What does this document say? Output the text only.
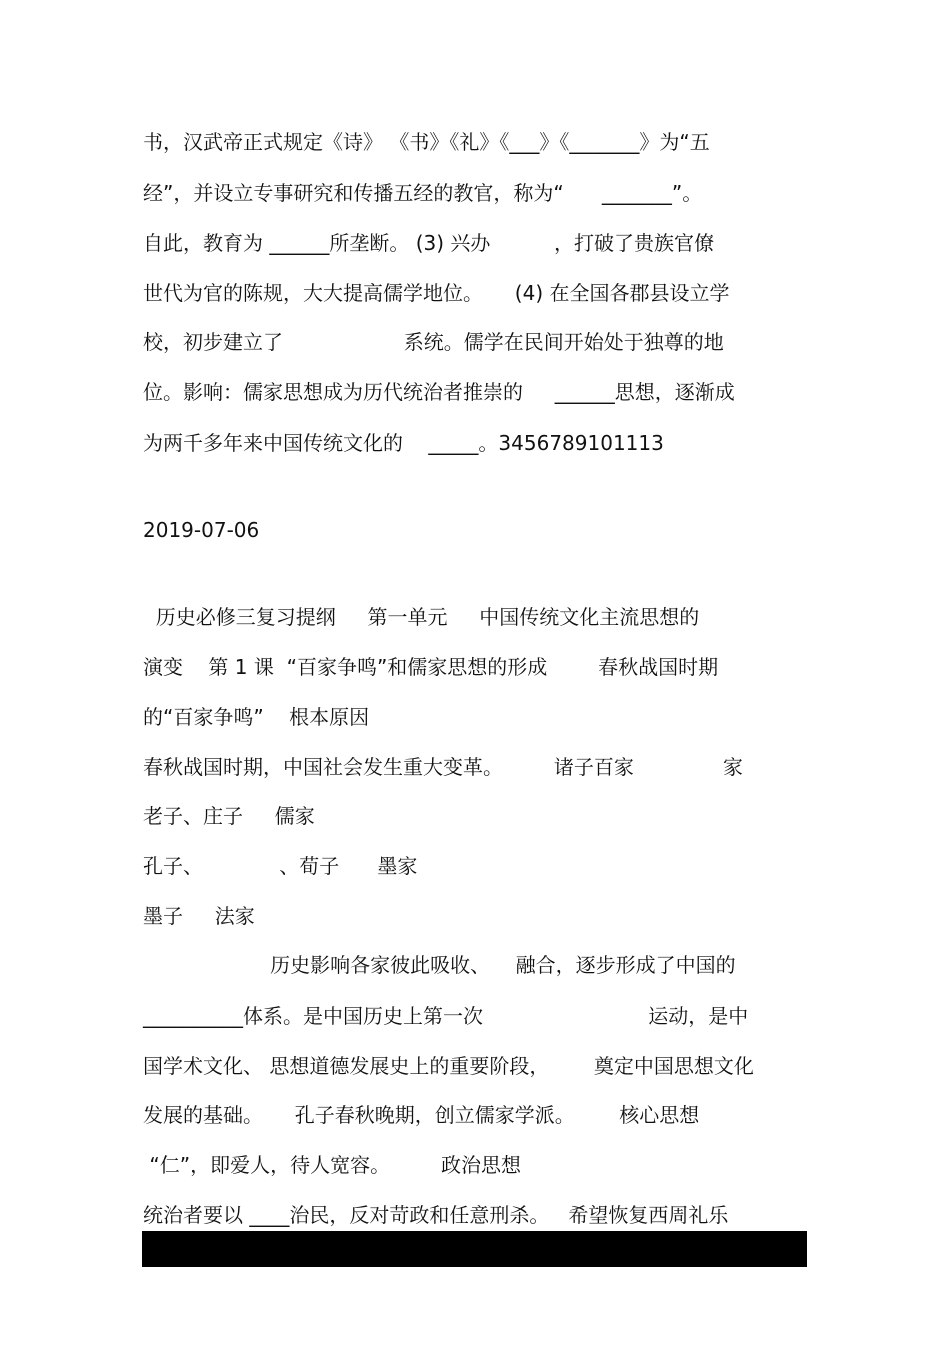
书，汉武帝正式规定《诗》 《书》《礼》《___》《_______》为“五
经”，并设立专事研究和传播五经的教官，称为“      _______”。
自此，教育为 ______所垄断。 (3) 兴办          ，打破了贵族官僚
世代为官的陈规，大大提高儒学地位。     (4) 在全国各郡县设立学
校，初步建立了                   系统。儒学在民间开始处于独尊的地
位。影响：儒家思想成为历代统治者推崇的     ______思想，逐渐成
为两千多年来中国传统文化的    _____。3456789101113
2019-07-06
历史必修三复习提纲     第一单元     中国传统文化主流思想的
演变    第 1 课  “百家争鸣”和儒家思想的形成        春秋战国时期
的“百家争鸣”    根本原因
春秋战国时期，中国社会发生重大变革。        诸子百家              家
老子、庄子     儒家
孔子、            、荀子      墨家
墨子     法家
历史影响各家彼此吸收、    融合，逐步形成了中国的
__________体系。是中国历史上第一次                          运动，是中
国学术文化、 思想道德发展史上的重要阶段，       奠定中国思想文化
发展的基础。     孔子春秋晚期，创立儒家学派。       核心思想
“仁”，即爱人，待人宽容。        政治思想
统治者要以 ____治民，反对苛政和任意刑杀。   希望恢复西周礼乐
